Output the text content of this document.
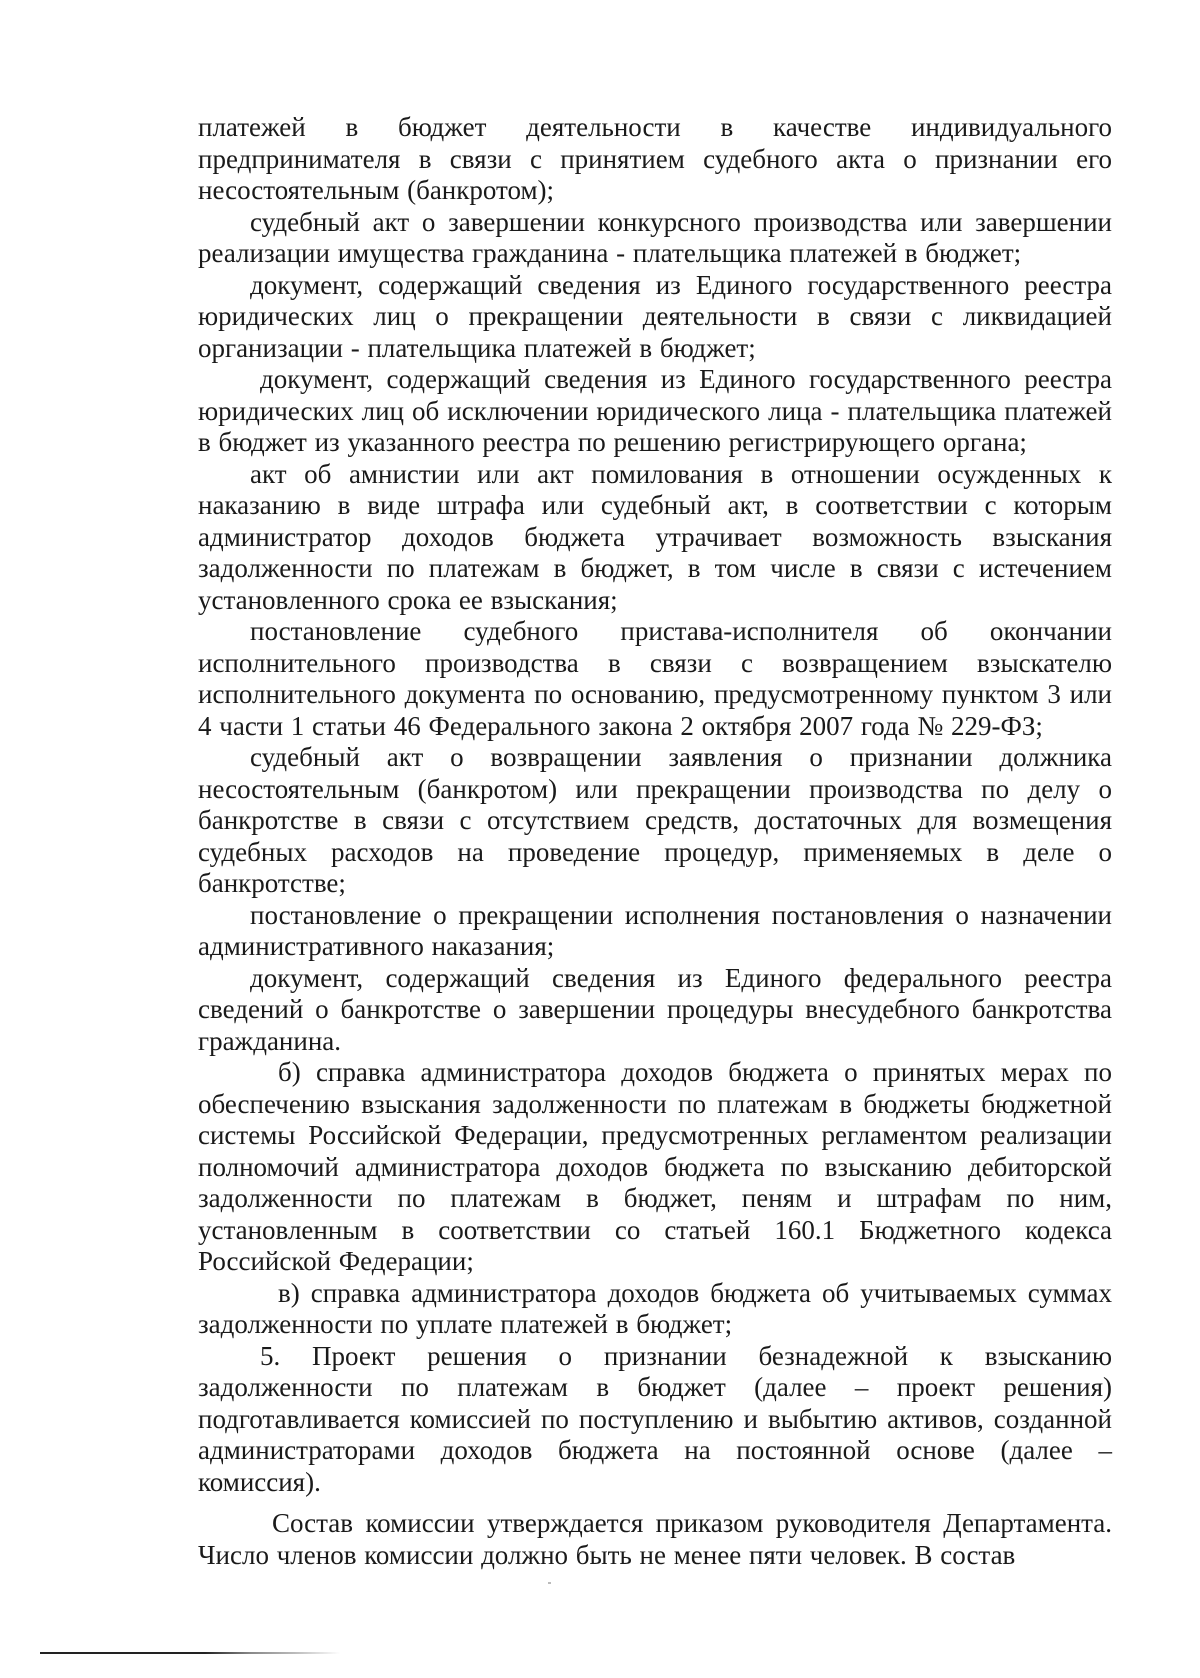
платежей в бюджет деятельности в качестве индивидуального предпринимателя в связи с принятием судебного акта о признании его несостоятельным (банкротом);

судебный акт о завершении конкурсного производства или завершении реализации имущества гражданина - плательщика платежей в бюджет;

документ, содержащий сведения из Единого государственного реестра юридических лиц о прекращении деятельности в связи с ликвидацией организации - плательщика платежей в бюджет;

документ, содержащий сведения из Единого государственного реестра юридических лиц об исключении юридического лица - плательщика платежей в бюджет из указанного реестра по решению регистрирующего органа;

акт об амнистии или акт помилования в отношении осужденных к наказанию в виде штрафа или судебный акт, в соответствии с которым администратор доходов бюджета утрачивает возможность взыскания задолженности по платежам в бюджет, в том числе в связи с истечением установленного срока ее взыскания;

постановление судебного пристава-исполнителя об окончании исполнительного производства в связи с возвращением взыскателю исполнительного документа по основанию, предусмотренному пунктом 3 или 4 части 1 статьи 46 Федерального закона 2 октября 2007 года № 229-ФЗ;

судебный акт о возвращении заявления о признании должника несостоятельным (банкротом) или прекращении производства по делу о банкротстве в связи с отсутствием средств, достаточных для возмещения судебных расходов на проведение процедур, применяемых в деле о банкротстве;

постановление о прекращении исполнения постановления о назначении административного наказания;

документ, содержащий сведения из Единого федерального реестра сведений о банкротстве о завершении процедуры внесудебного банкротства гражданина.

б) справка администратора доходов бюджета о принятых мерах по обеспечению взыскания задолженности по платежам в бюджеты бюджетной системы Российской Федерации, предусмотренных регламентом реализации полномочий администратора доходов бюджета по взысканию дебиторской задолженности по платежам в бюджет, пеням и штрафам по ним, установленным в соответствии со статьей 160.1 Бюджетного кодекса Российской Федерации;

в) справка администратора доходов бюджета об учитываемых суммах задолженности по уплате платежей в бюджет;

5. Проект решения о признании безнадежной к взысканию задолженности по платежам в бюджет (далее – проект решения) подготавливается комиссией по поступлению и выбытию активов, созданной администраторами доходов бюджета на постоянной основе (далее – комиссия).

Состав комиссии утверждается приказом руководителя Департамента. Число членов комиссии должно быть не менее пяти человек. В состав
